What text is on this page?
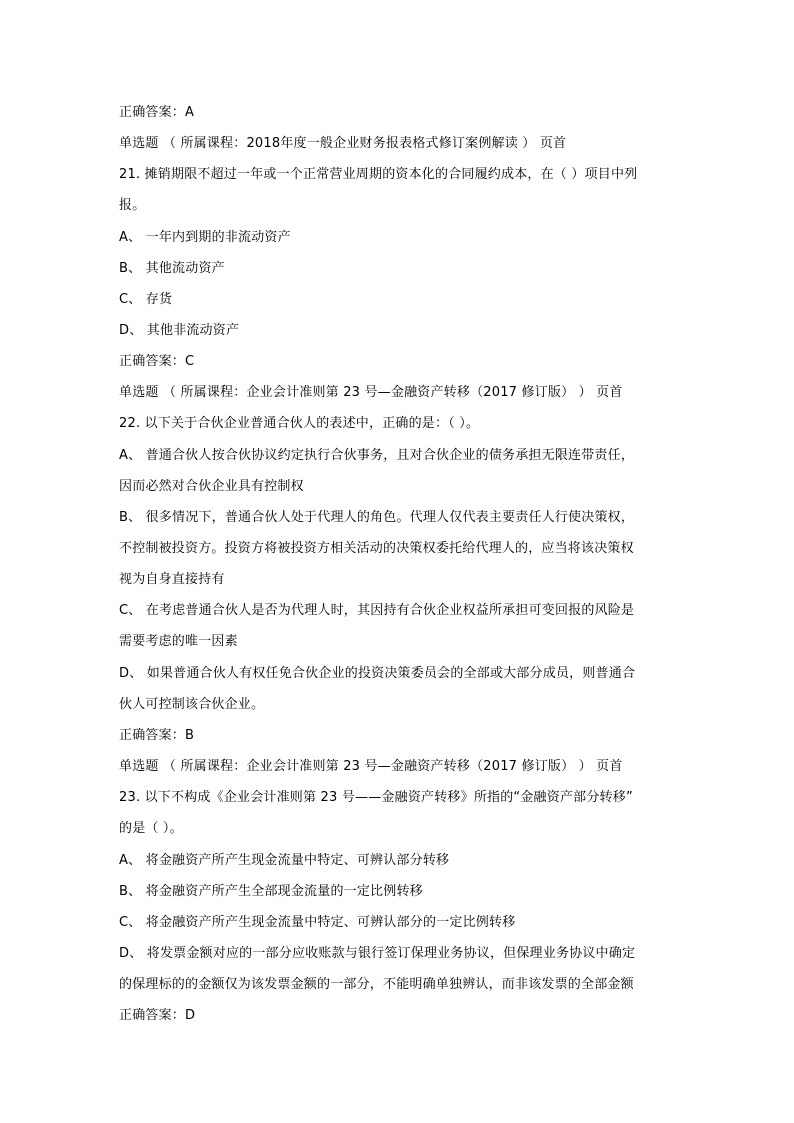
正确答案：A
单选题 （ 所属课程：2018年度一般企业财务报表格式修订案例解读 ） 页首
21. 摊销期限不超过一年或一个正常营业周期的资本化的合同履约成本，在（ ）项目中列
报。
A、 一年内到期的非流动资产
B、 其他流动资产
C、 存货
D、 其他非流动资产
正确答案：C
单选题 （ 所属课程：企业会计准则第 23 号—金融资产转移（2017 修订版） ） 页首
22. 以下关于合伙企业普通合伙人的表述中，正确的是：（ ）。
A、 普通合伙人按合伙协议约定执行合伙事务，且对合伙企业的债务承担无限连带责任，
因而必然对合伙企业具有控制权
B、 很多情况下，普通合伙人处于代理人的角色。代理人仅代表主要责任人行使决策权，
不控制被投资方。投资方将被投资方相关活动的决策权委托给代理人的，应当将该决策权
视为自身直接持有
C、 在考虑普通合伙人是否为代理人时，其因持有合伙企业权益所承担可变回报的风险是
需要考虑的唯一因素
D、 如果普通合伙人有权任免合伙企业的投资决策委员会的全部或大部分成员，则普通合
伙人可控制该合伙企业。
正确答案：B
单选题 （ 所属课程：企业会计准则第 23 号—金融资产转移（2017 修订版） ） 页首
23. 以下不构成《企业会计准则第 23 号——金融资产转移》所指的“金融资产部分转移”
的是（ ）。
A、 将金融资产所产生现金流量中特定、可辨认部分转移
B、 将金融资产所产生全部现金流量的一定比例转移
C、 将金融资产所产生现金流量中特定、可辨认部分的一定比例转移
D、 将发票金额对应的一部分应收账款与银行签订保理业务协议，但保理业务协议中确定
的保理标的的金额仅为该发票金额的一部分，不能明确单独辨认，而非该发票的全部金额
正确答案：D
